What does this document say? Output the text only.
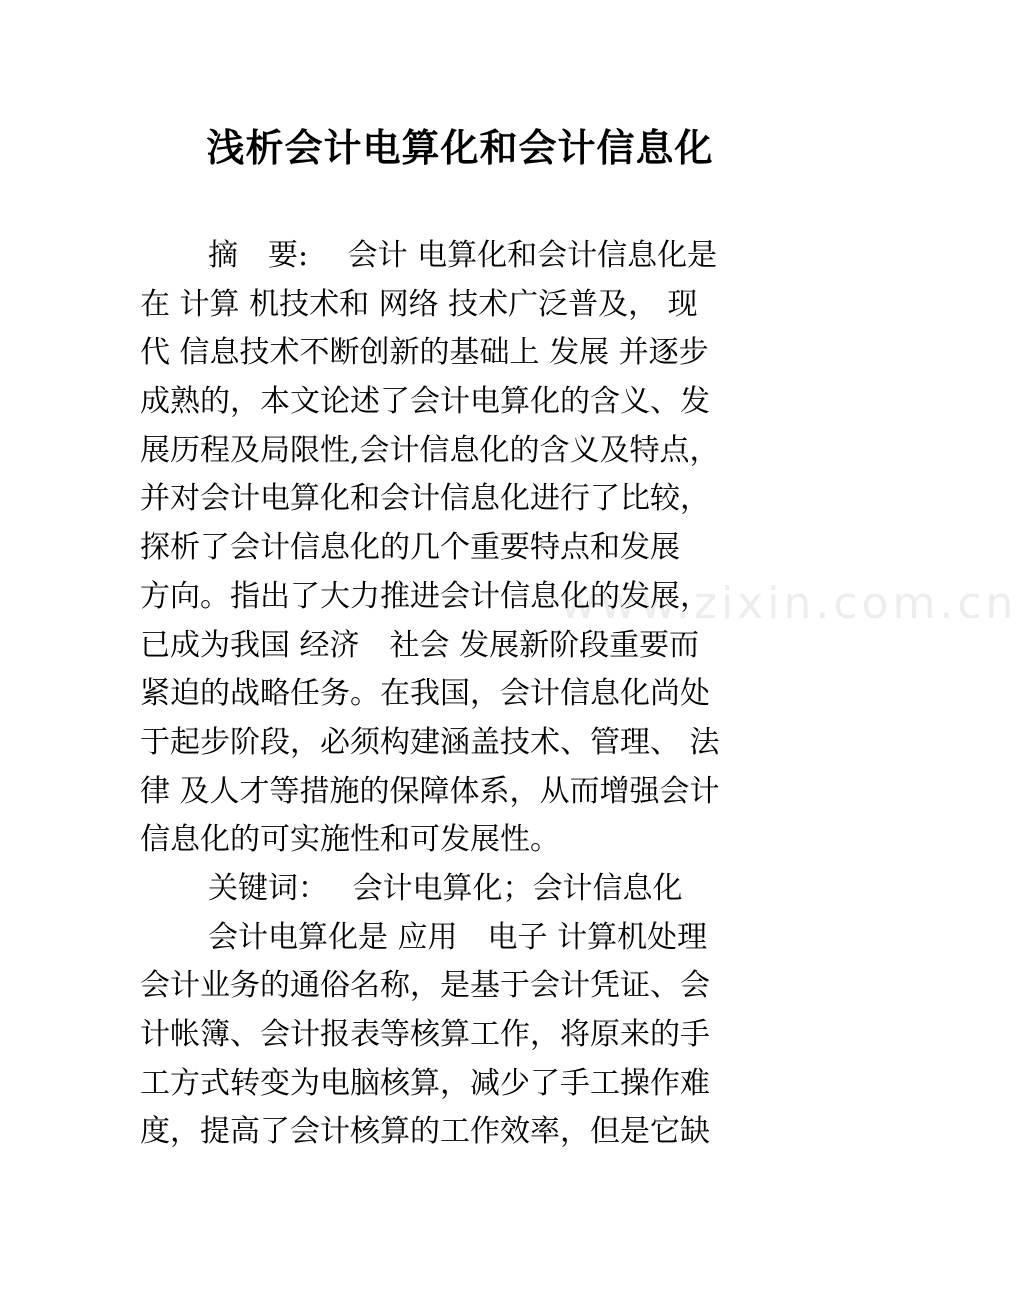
浅析会计电算化和会计信息化
摘　要:　 会计 电算化和会计信息化是
在 计算 机技术和 网络 技术广泛普及， 现
代 信息技术不断创新的基础上 发展 并逐步
成熟的，本文论述了会计电算化的含义、发
展历程及局限性,会计信息化的含义及特点，
并对会计电算化和会计信息化进行了比较，
探析了会计信息化的几个重要特点和发展
方向。指出了大力推进会计信息化的发展，
已成为我国 经济　社会 发展新阶段重要而
紧迫的战略任务。在我国，会计信息化尚处
于起步阶段，必须构建涵盖技术、管理、 法
律 及人才等措施的保障体系，从而增强会计
信息化的可实施性和可发展性。
关键词：　 会计电算化；会计信息化
会计电算化是 应用　电子 计算机处理
会计业务的通俗名称，是基于会计凭证、会
计帐簿、会计报表等核算工作，将原来的手
工方式转变为电脑核算，减少了手工操作难
度，提高了会计核算的工作效率，但是它缺
www.zixin.com.cn
